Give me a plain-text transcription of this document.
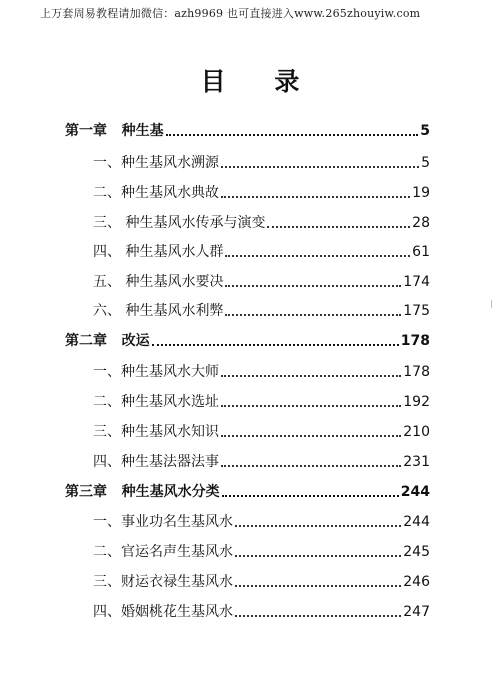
上万套周易教程请加微信：azh9969 也可直接进入www.265zhouyiw.com
目 录
第一章   种生基	5
一、种生基风水溯源	5
二、种生基风水典故	19
三、 种生基风水传承与演变	28
四、 种生基风水人群	61
五、 种生基风水要决	174
六、 种生基风水利弊	175
第二章   改运	178
一、种生基风水大师	178
二、种生基风水选址	192
三、种生基风水知识	210
四、种生基法器法事	231
第三章   种生基风水分类	244
一、事业功名生基风水	244
二、官运名声生基风水	245
三、财运衣禄生基风水	246
四、婚姻桃花生基风水	247
